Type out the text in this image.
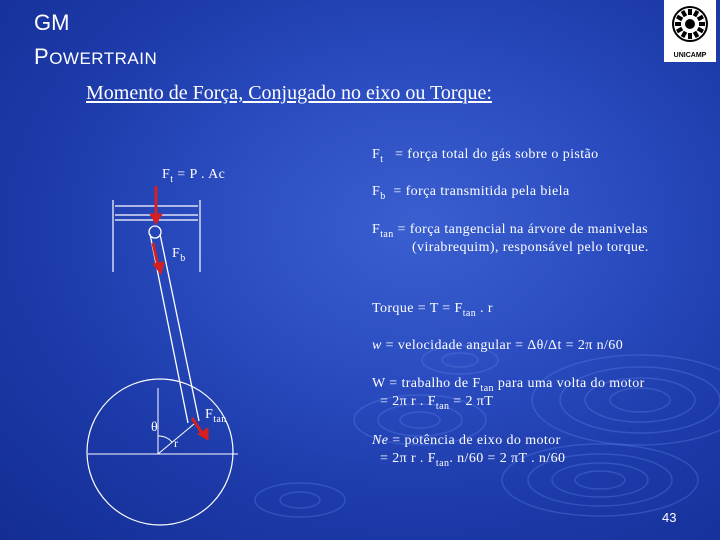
GM
POWERTRAIN	UNICAMP
Momento de Força, Conjugado no eixo ou Torque:
$F_t$ = força total do gás sobre o pistão
$F_b$ = força transmitida pela biela
$F_{tan}$ = força tangencial na árvore de manivelas
(virabrequim), responsável pelo torque.
Torque = $T = F_{tan}$ . r
w = velocidade angular = Δθ/Δt = 2π n/60
W = trabalho de $F_{tan}$ para uma volta do motor
= 2π r . $F_{tan} = 2$ πT
Ne = potência de eixo do motor
= 2π r . $F_{tan}$. n/60 = 2 πT . n/60
$F_t = P$ . Ac
$F_b$
$F_{tan}$
θ
r
43
